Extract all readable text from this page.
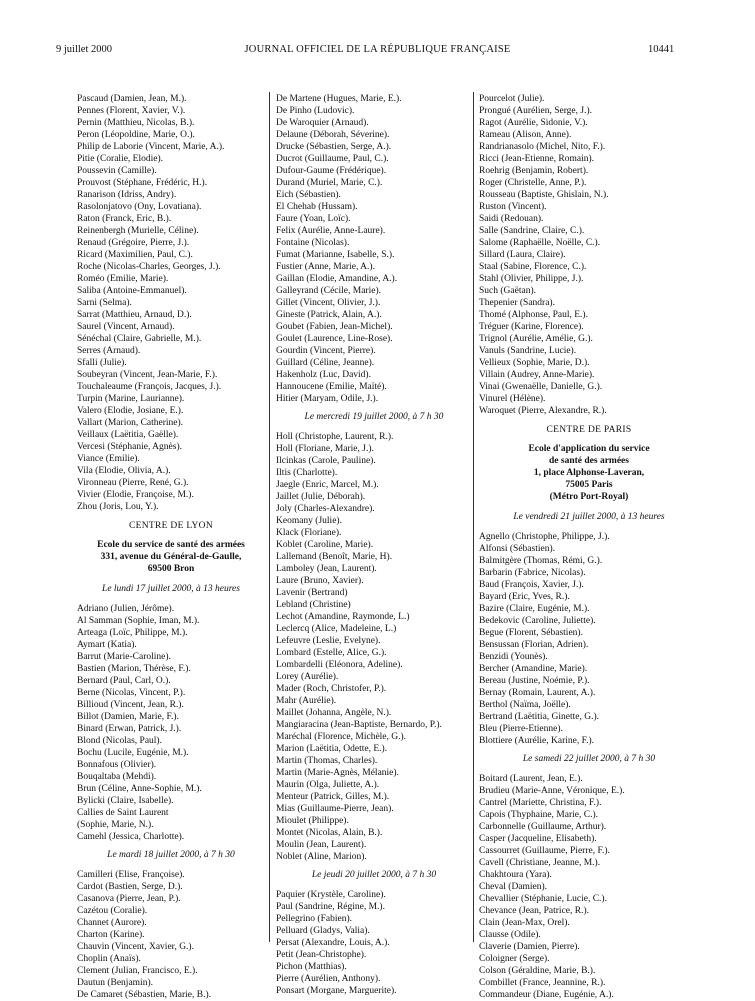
9 juillet 2000	JOURNAL OFFICIEL DE LA RÉPUBLIQUE FRANÇAISE	10441
Pascaud (Damien, Jean, M.).
Pennes (Florent, Xavier, V.).
Pernin (Matthieu, Nicolas, B.).
Peron (Léopoldine, Marie, O.).
Philip de Laborie (Vincent, Marie, A.).
Pitie (Coralie, Elodie).
Poussevin (Camille).
Prouvost (Stéphane, Frédéric, H.).
Ranarison (Idriss, Andry).
Rasolonjatovo (Ony, Lovatiana).
Raton (Franck, Eric, B.).
Reinenbergh (Murielle, Céline).
Renaud (Grégoire, Pierre, J.).
Ricard (Maximilien, Paul, C.).
Roche (Nicolas-Charles, Georges, J.).
Roméo (Emilie, Marie).
Saliba (Antoine-Emmanuel).
Sarni (Selma).
Sarrat (Matthieu, Arnaud, D.).
Saurel (Vincent, Arnaud).
Sénéchal (Claire, Gabrielle, M.).
Serres (Arnaud).
Sfalli (Julie).
Soubeyran (Vincent, Jean-Marie, F.).
Touchaleaume (François, Jacques, J.).
Turpin (Marine, Laurianne).
Valero (Elodie, Josiane, E.).
Vallart (Marion, Catherine).
Veillaux (Laëtitia, Gaëlle).
Vercesi (Stéphanie, Agnès).
Viance (Emilie).
Vila (Elodie, Olivia, A.).
Vironneau (Pierre, René, G.).
Vivier (Elodie, Françoise, M.).
Zhou (Joris, Lou, Y.).
CENTRE DE LYON
Ecole du service de santé des armées
331, avenue du Général-de-Gaulle,
69500 Bron
Le lundi 17 juillet 2000, à 13 heures
Adriano (Julien, Jérôme).
Al Samman (Sophie, Iman, M.).
Arteaga (Loïc, Philippe, M.).
Aymart (Katia).
Barrut (Marie-Caroline).
Bastien (Marion, Thérèse, F.).
Bernard (Paul, Carl, O.).
Berne (Nicolas, Vincent, P.).
Billioud (Vincent, Jean, R.).
Billot (Damien, Marie, F.).
Binard (Erwan, Patrick, J.).
Blond (Nicolas, Paul).
Bochu (Lucile, Eugénie, M.).
Bonnafous (Olivier).
Bouqaltaba (Mehdi).
Brun (Céline, Anne-Sophie, M.).
Bylicki (Claire, Isabelle).
Callies de Saint Laurent
(Sophie, Marie, N.).
Camehl (Jessica, Charlotte).
Le mardi 18 juillet 2000, à 7 h 30
Camilleri (Elise, Françoise).
Cardot (Bastien, Serge, D.).
Casanova (Pierre, Jean, P.).
Cazétou (Coralie).
Channet (Aurore).
Charton (Karine).
Chauvin (Vincent, Xavier, G.).
Choplin (Anaïs).
Clement (Julian, Francisco, E.).
Dautun (Benjamin).
De Camaret (Sébastien, Marie, B.).
De Martene (Hugues, Marie, E.).
De Pinho (Ludovic).
De Waroquier (Arnaud).
Delaune (Déborah, Séverine).
Drucke (Sébastien, Serge, A.).
Ducrot (Guillaume, Paul, C.).
Dufour-Gaume (Frédérique).
Durand (Muriel, Marie, C.).
Eich (Sébastien).
El Chehab (Hussam).
Faure (Yoan, Loïc).
Felix (Aurélie, Anne-Laure).
Fontaine (Nicolas).
Fumat (Marianne, Isabelle, S.).
Fustier (Anne, Marie, A.).
Gaillan (Elodie, Amandine, A.).
Galleyrand (Cécile, Marie).
Gillet (Vincent, Olivier, J.).
Gineste (Patrick, Alain, A.).
Goubet (Fabien, Jean-Michel).
Goulet (Laurence, Line-Rose).
Gourdin (Vincent, Pierre).
Guillard (Céline, Jeanne).
Hakenholz (Luc, David).
Hannoucene (Emilie, Maïté).
Hitier (Maryam, Odile, J.).
Le mercredi 19 juillet 2000, à 7 h 30
Holl (Christophe, Laurent, R.).
Holl (Floriane, Marie, J.).
Ilcinkas (Carole, Pauline).
Iltis (Charlotte).
Jaegle (Enric, Marcel, M.).
Jaillet (Julie, Déborah).
Joly (Charles-Alexandre).
Keomany (Julie).
Klack (Floriane).
Koblet (Caroline, Marie).
Lallemand (Benoît, Marie, H).
Lamboley (Jean, Laurent).
Laure (Bruno, Xavier).
Lavenir (Bertrand)
Lebland (Christine)
Lechot (Amandine, Raymonde, L.)
Leclercq (Alice, Madeleine, L.)
Lefeuvre (Leslie, Evelyne).
Lombard (Estelle, Alice, G.).
Lombardelli (Eléonora, Adeline).
Lorey (Aurélie).
Mader (Roch, Christofer, P.).
Mahr (Aurélie).
Maillet (Johanna, Angèle, N.).
Mangiaracina (Jean-Baptiste, Bernardo, P.).
Maréchal (Florence, Michèle, G.).
Marion (Laëtitia, Odette, E.).
Martin (Thomas, Charles).
Martin (Marie-Agnès, Mélanie).
Maurin (Olga, Juliette, A.).
Menteur (Patrick, Gilles, M.).
Mias (Guillaume-Pierre, Jean).
Mioulet (Philippe).
Montet (Nicolas, Alain, B.).
Moulin (Jean, Laurent).
Noblet (Aline, Marion).
Le jeudi 20 juillet 2000, à 7 h 30
Paquier (Krystèle, Caroline).
Paul (Sandrine, Régine, M.).
Pellegrino (Fabien).
Pelluard (Gladys, Valia).
Persat (Alexandre, Louis, A.).
Petit (Jean-Christophe).
Pichon (Matthias).
Pierre (Aurélien, Anthony).
Ponsart (Morgane, Marguerite).
Pourcelot (Julie).
Prongué (Aurélien, Serge, J.).
Ragot (Aurélie, Sidonie, V.).
Rameau (Alison, Anne).
Randrianasolo (Michel, Nito, F.).
Ricci (Jean-Etienne, Romain).
Roehrig (Benjamin, Robert).
Roger (Christelle, Anne, P.).
Rousseau (Baptiste, Ghislain, N.).
Ruston (Vincent).
Saidi (Redouan).
Salle (Sandrine, Claire, C.).
Salome (Raphaëlle, Noëlle, C.).
Sillard (Laura, Claire).
Staal (Sabine, Florence, C.).
Stahl (Olivier, Philippe, J.).
Such (Gaëtan).
Thepenier (Sandra).
Thomé (Alphonse, Paul, E.).
Tréguer (Karine, Florence).
Trignol (Aurélie, Amélie, G.).
Vanuls (Sandrine, Lucie).
Vellieux (Sophie, Marie, D.).
Villain (Audrey, Anne-Marie).
Vinai (Gwenaëlle, Danielle, G.).
Vinurel (Hélène).
Waroquet (Pierre, Alexandre, R.).
CENTRE DE PARIS
Ecole d'application du service
de santé des armées
1, place Alphonse-Laveran,
75005 Paris
(Métro Port-Royal)
Le vendredi 21 juillet 2000, à 13 heures
Agnello (Christophe, Philippe, J.).
Alfonsi (Sébastien).
Balmitgère (Thomas, Rémi, G.).
Barbarin (Fabrice, Nicolas).
Baud (François, Xavier, J.).
Bayard (Eric, Yves, R.).
Bazire (Claire, Eugénie, M.).
Bedekovic (Caroline, Juliette).
Begue (Florent, Sébastien).
Bensussan (Florian, Adrien).
Benzidi (Younès).
Bercher (Amandine, Marie).
Bereau (Justine, Noémie, P.).
Bernay (Romain, Laurent, A.).
Berthol (Naïma, Joëlle).
Bertrand (Laëtitia, Ginette, G.).
Bleu (Pierre-Etienne).
Blottiere (Aurélie, Karine, F.).
Le samedi 22 juillet 2000, à 7 h 30
Boitard (Laurent, Jean, E.).
Brudieu (Marie-Anne, Véronique, E.).
Cantrel (Mariette, Christina, F.).
Capois (Thyphaine, Marie, C.).
Carbonnelle (Guillaume, Arthur).
Casper (Jacqueline, Elisabeth).
Cassourret (Guillaume, Pierre, F.).
Cavell (Christiane, Jeanne, M.).
Chakhtoura (Yara).
Cheval (Damien).
Chevallier (Stéphanie, Lucie, C.).
Chevance (Jean, Patrice, R.).
Clain (Jean-Max, Orel).
Clausse (Odile).
Claverie (Damien, Pierre).
Coloigner (Serge).
Colson (Géraldine, Marie, B.).
Combillet (France, Jeannine, R.).
Commandeur (Diane, Eugénie, A.).
